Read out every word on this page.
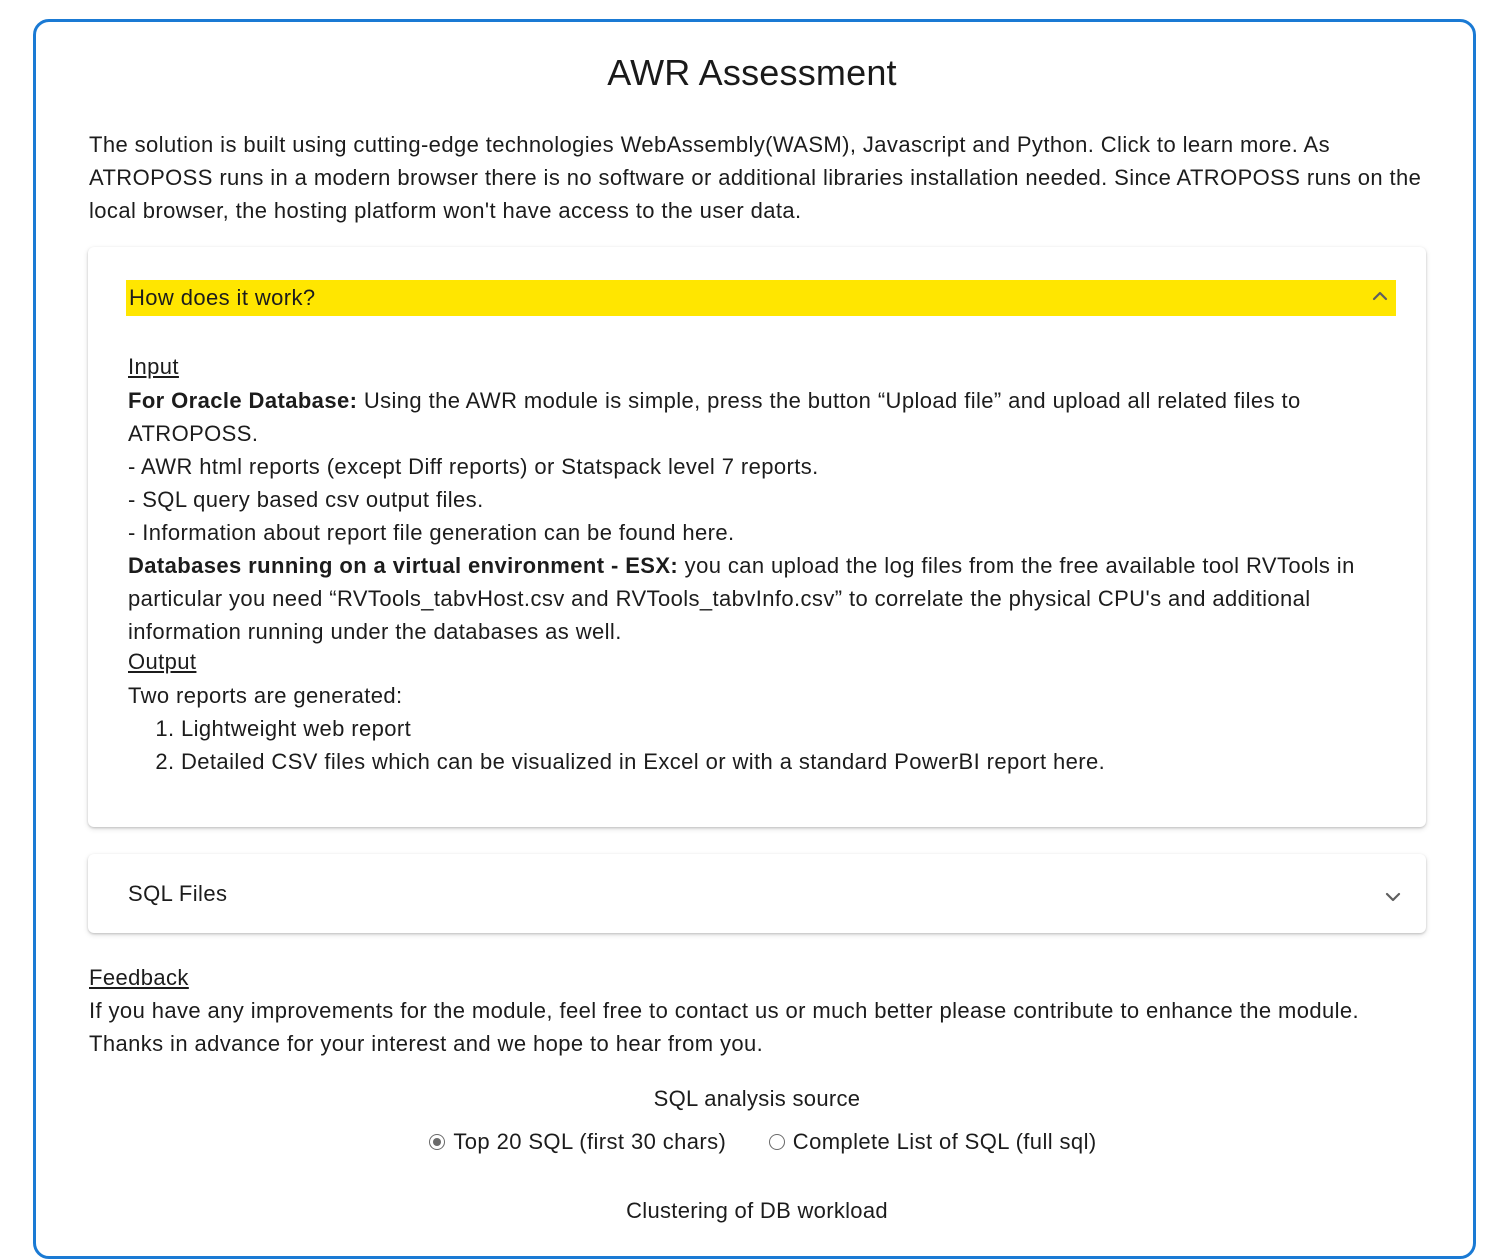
AWR Assessment
The solution is built using cutting-edge technologies WebAssembly(WASM), Javascript and Python. Click to learn more. As ATROPOSS runs in a modern browser there is no software or additional libraries installation needed. Since ATROPOSS runs on the local browser, the hosting platform won't have access to the user data.
How does it work?
Input
For Oracle Database: Using the AWR module is simple, press the button “Upload file” and upload all related files to ATROPOSS.
- AWR html reports (except Diff reports) or Statspack level 7 reports.
- SQL query based csv output files.
- Information about report file generation can be found here.
Databases running on a virtual environment - ESX: you can upload the log files from the free available tool RVTools in particular you need “RVTools_tabvHost.csv and RVTools_tabvInfo.csv” to correlate the physical CPU's and additional information running under the databases as well.
Output
Two reports are generated:
1. Lightweight web report
2. Detailed CSV files which can be visualized in Excel or with a standard PowerBI report here.
SQL Files
Feedback
If you have any improvements for the module, feel free to contact us or much better please contribute to enhance the module. Thanks in advance for your interest and we hope to hear from you.
SQL analysis source
Top 20 SQL (first 30 chars)
	Complete List of SQL (full sql)
Clustering of DB workload
